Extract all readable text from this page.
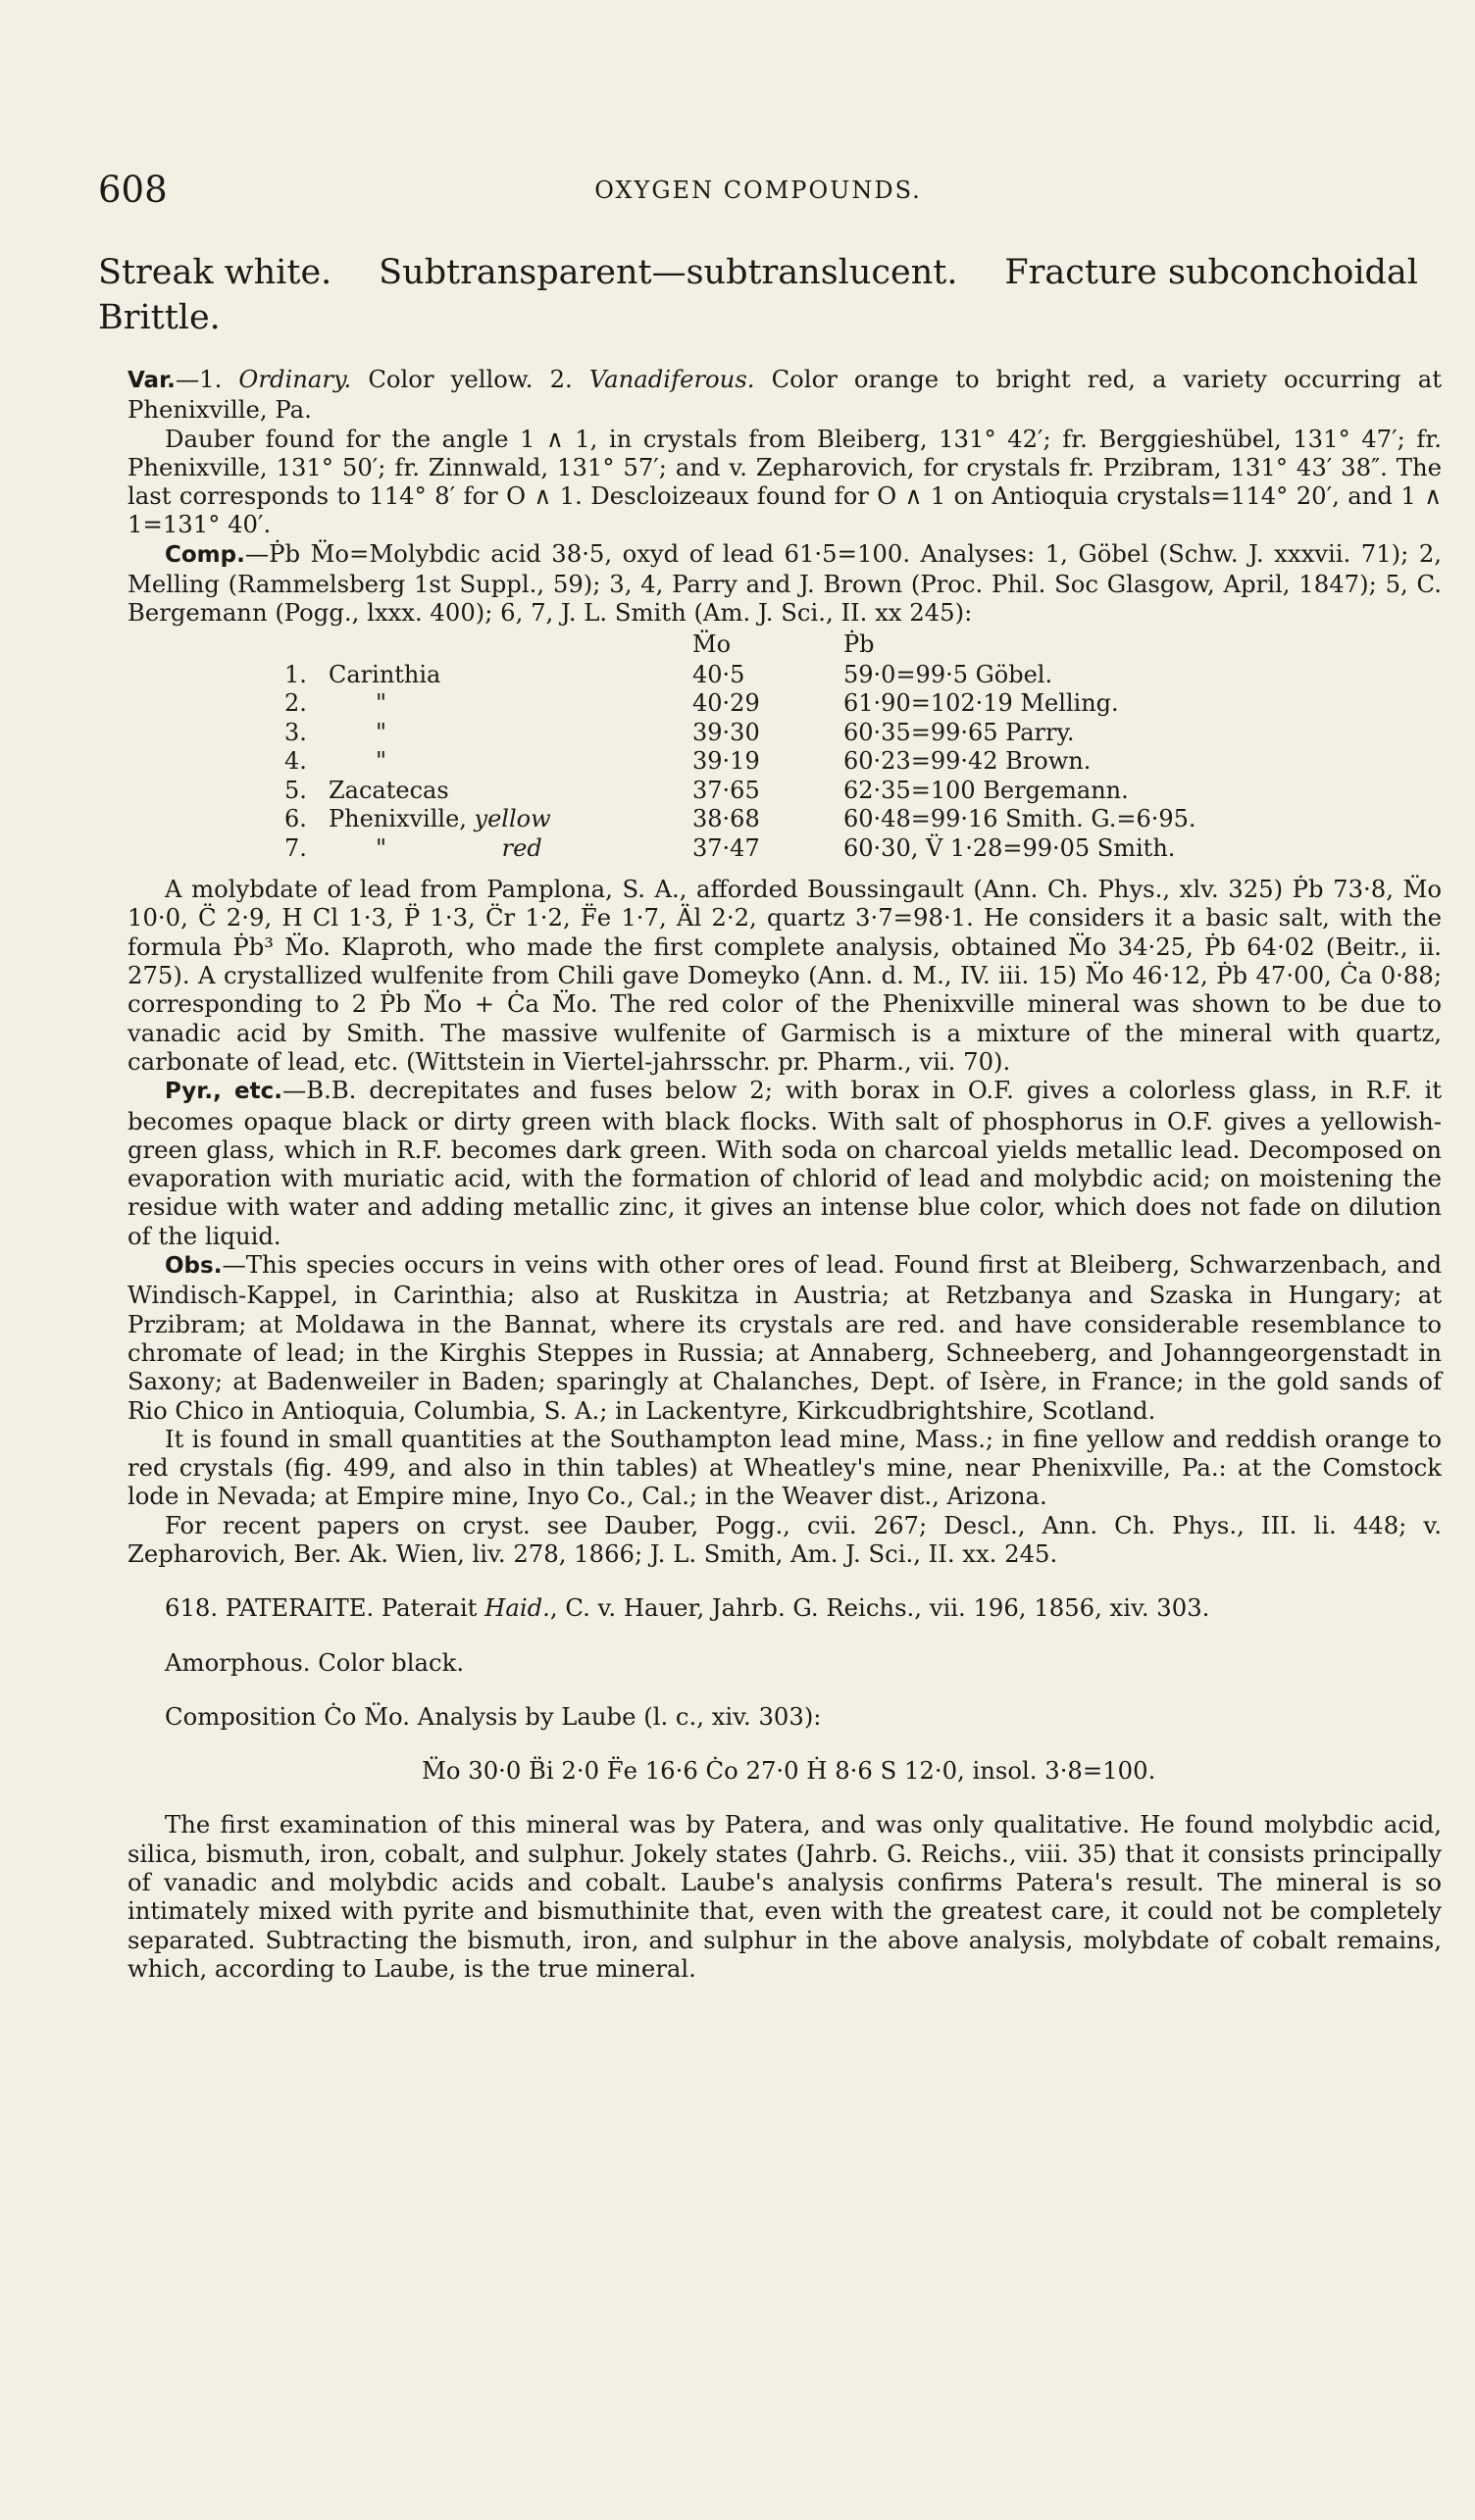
608	OXYGEN COMPOUNDS.
Streak white. Subtransparent—subtranslucent. Fracture subconchoidal
Brittle.

Var.—1. Ordinary. Color yellow. 2. Vanadiferous. Color orange to bright red, a variety occurring at Phenixville, Pa.

Dauber found for the angle 1 ∧ 1, in crystals from Bleiberg, 131° 42′; fr. Berggieshübel, 131° 47′; fr. Phenixville, 131° 50′; fr. Zinnwald, 131° 57′; and v. Zepharovich, for crystals fr. Przibram, 131° 43′ 38″. The last corresponds to 114° 8′ for O ∧ 1. Descloizeaux found for O ∧ 1 on Antioquia crystals=114° 20′, and 1 ∧ 1=131° 40′.

Comp.—Ṗb M̈o=Molybdic acid 38·5, oxyd of lead 61·5=100. Analyses: 1, Göbel (Schw. J. xxxvii. 71); 2, Melling (Rammelsberg 1st Suppl., 59); 3, 4, Parry and J. Brown (Proc. Phil. Soc Glasgow, April, 1847); 5, C. Bergemann (Pogg., lxxx. 400); 6, 7, J. L. Smith (Am. J. Sci., II. xx 245):

		M̈o	Ṗb
1.	Carinthia	40·5	59·0=99·5 Göbel.
2.	"	40·29	61·90=102·19 Melling.
3.	"	39·30	60·35=99·65 Parry.
4.	"	39·19	60·23=99·42 Brown.
5.	Zacatecas	37·65	62·35=100 Bergemann.
6.	Phenixville, yellow	38·68	60·48=99·16 Smith. G.=6·95.
7.	" red	37·47	60·30, V̈ 1·28=99·05 Smith.

A molybdate of lead from Pamplona, S. A., afforded Boussingault (Ann. Ch. Phys., xlv. 325) Ṗb 73·8, M̈o 10·0, C̈ 2·9, H Cl 1·3, P̈ 1·3, C̈r 1·2, F̈e 1·7, Äl 2·2, quartz 3·7=98·1. He considers it a basic salt, with the formula Ṗb³ M̈o. Klaproth, who made the first complete analysis, obtained M̈o 34·25, Ṗb 64·02 (Beitr., ii. 275). A crystallized wulfenite from Chili gave Domeyko (Ann. d. M., IV. iii. 15) M̈o 46·12, Ṗb 47·00, Ċa 0·88; corresponding to 2 Ṗb M̈o + Ċa M̈o. The red color of the Phenixville mineral was shown to be due to vanadic acid by Smith. The massive wulfenite of Garmisch is a mixture of the mineral with quartz, carbonate of lead, etc. (Wittstein in Viertel-jahrsschr. pr. Pharm., vii. 70).

Pyr., etc.—B.B. decrepitates and fuses below 2; with borax in O.F. gives a colorless glass, in R.F. it becomes opaque black or dirty green with black flocks. With salt of phosphorus in O.F. gives a yellowish-green glass, which in R.F. becomes dark green. With soda on charcoal yields metallic lead. Decomposed on evaporation with muriatic acid, with the formation of chlorid of lead and molybdic acid; on moistening the residue with water and adding metallic zinc, it gives an intense blue color, which does not fade on dilution of the liquid.

Obs.—This species occurs in veins with other ores of lead. Found first at Bleiberg, Schwarzenbach, and Windisch-Kappel, in Carinthia; also at Ruskitza in Austria; at Retzbanya and Szaska in Hungary; at Przibram; at Moldawa in the Bannat, where its crystals are red. and have considerable resemblance to chromate of lead; in the Kirghis Steppes in Russia; at Annaberg, Schneeberg, and Johanngeorgenstadt in Saxony; at Badenweiler in Baden; sparingly at Chalanches, Dept. of Isère, in France; in the gold sands of Rio Chico in Antioquia, Columbia, S. A.; in Lackentyre, Kirkcudbrightshire, Scotland.

It is found in small quantities at the Southampton lead mine, Mass.; in fine yellow and reddish orange to red crystals (fig. 499, and also in thin tables) at Wheatley's mine, near Phenixville, Pa.: at the Comstock lode in Nevada; at Empire mine, Inyo Co., Cal.; in the Weaver dist., Arizona.

For recent papers on cryst. see Dauber, Pogg., cvii. 267; Descl., Ann. Ch. Phys., III. li. 448; v. Zepharovich, Ber. Ak. Wien, liv. 278, 1866; J. L. Smith, Am. J. Sci., II. xx. 245.

618. PATERAITE. Paterait Haid., C. v. Hauer, Jahrb. G. Reichs., vii. 196, 1856, xiv. 303.

Amorphous. Color black.

Composition Ċo M̈o. Analysis by Laube (l. c., xiv. 303):

M̈o 30·0 B̈i 2·0 F̈e 16·6 Ċo 27·0 Ḣ 8·6 S 12·0, insol. 3·8=100.

The first examination of this mineral was by Patera, and was only qualitative. He found molybdic acid, silica, bismuth, iron, cobalt, and sulphur. Jokely states (Jahrb. G. Reichs., viii. 35) that it consists principally of vanadic and molybdic acids and cobalt. Laube's analysis confirms Patera's result. The mineral is so intimately mixed with pyrite and bismuthinite that, even with the greatest care, it could not be completely separated. Subtracting the bismuth, iron, and sulphur in the above analysis, molybdate of cobalt remains, which, according to Laube, is the true mineral.
